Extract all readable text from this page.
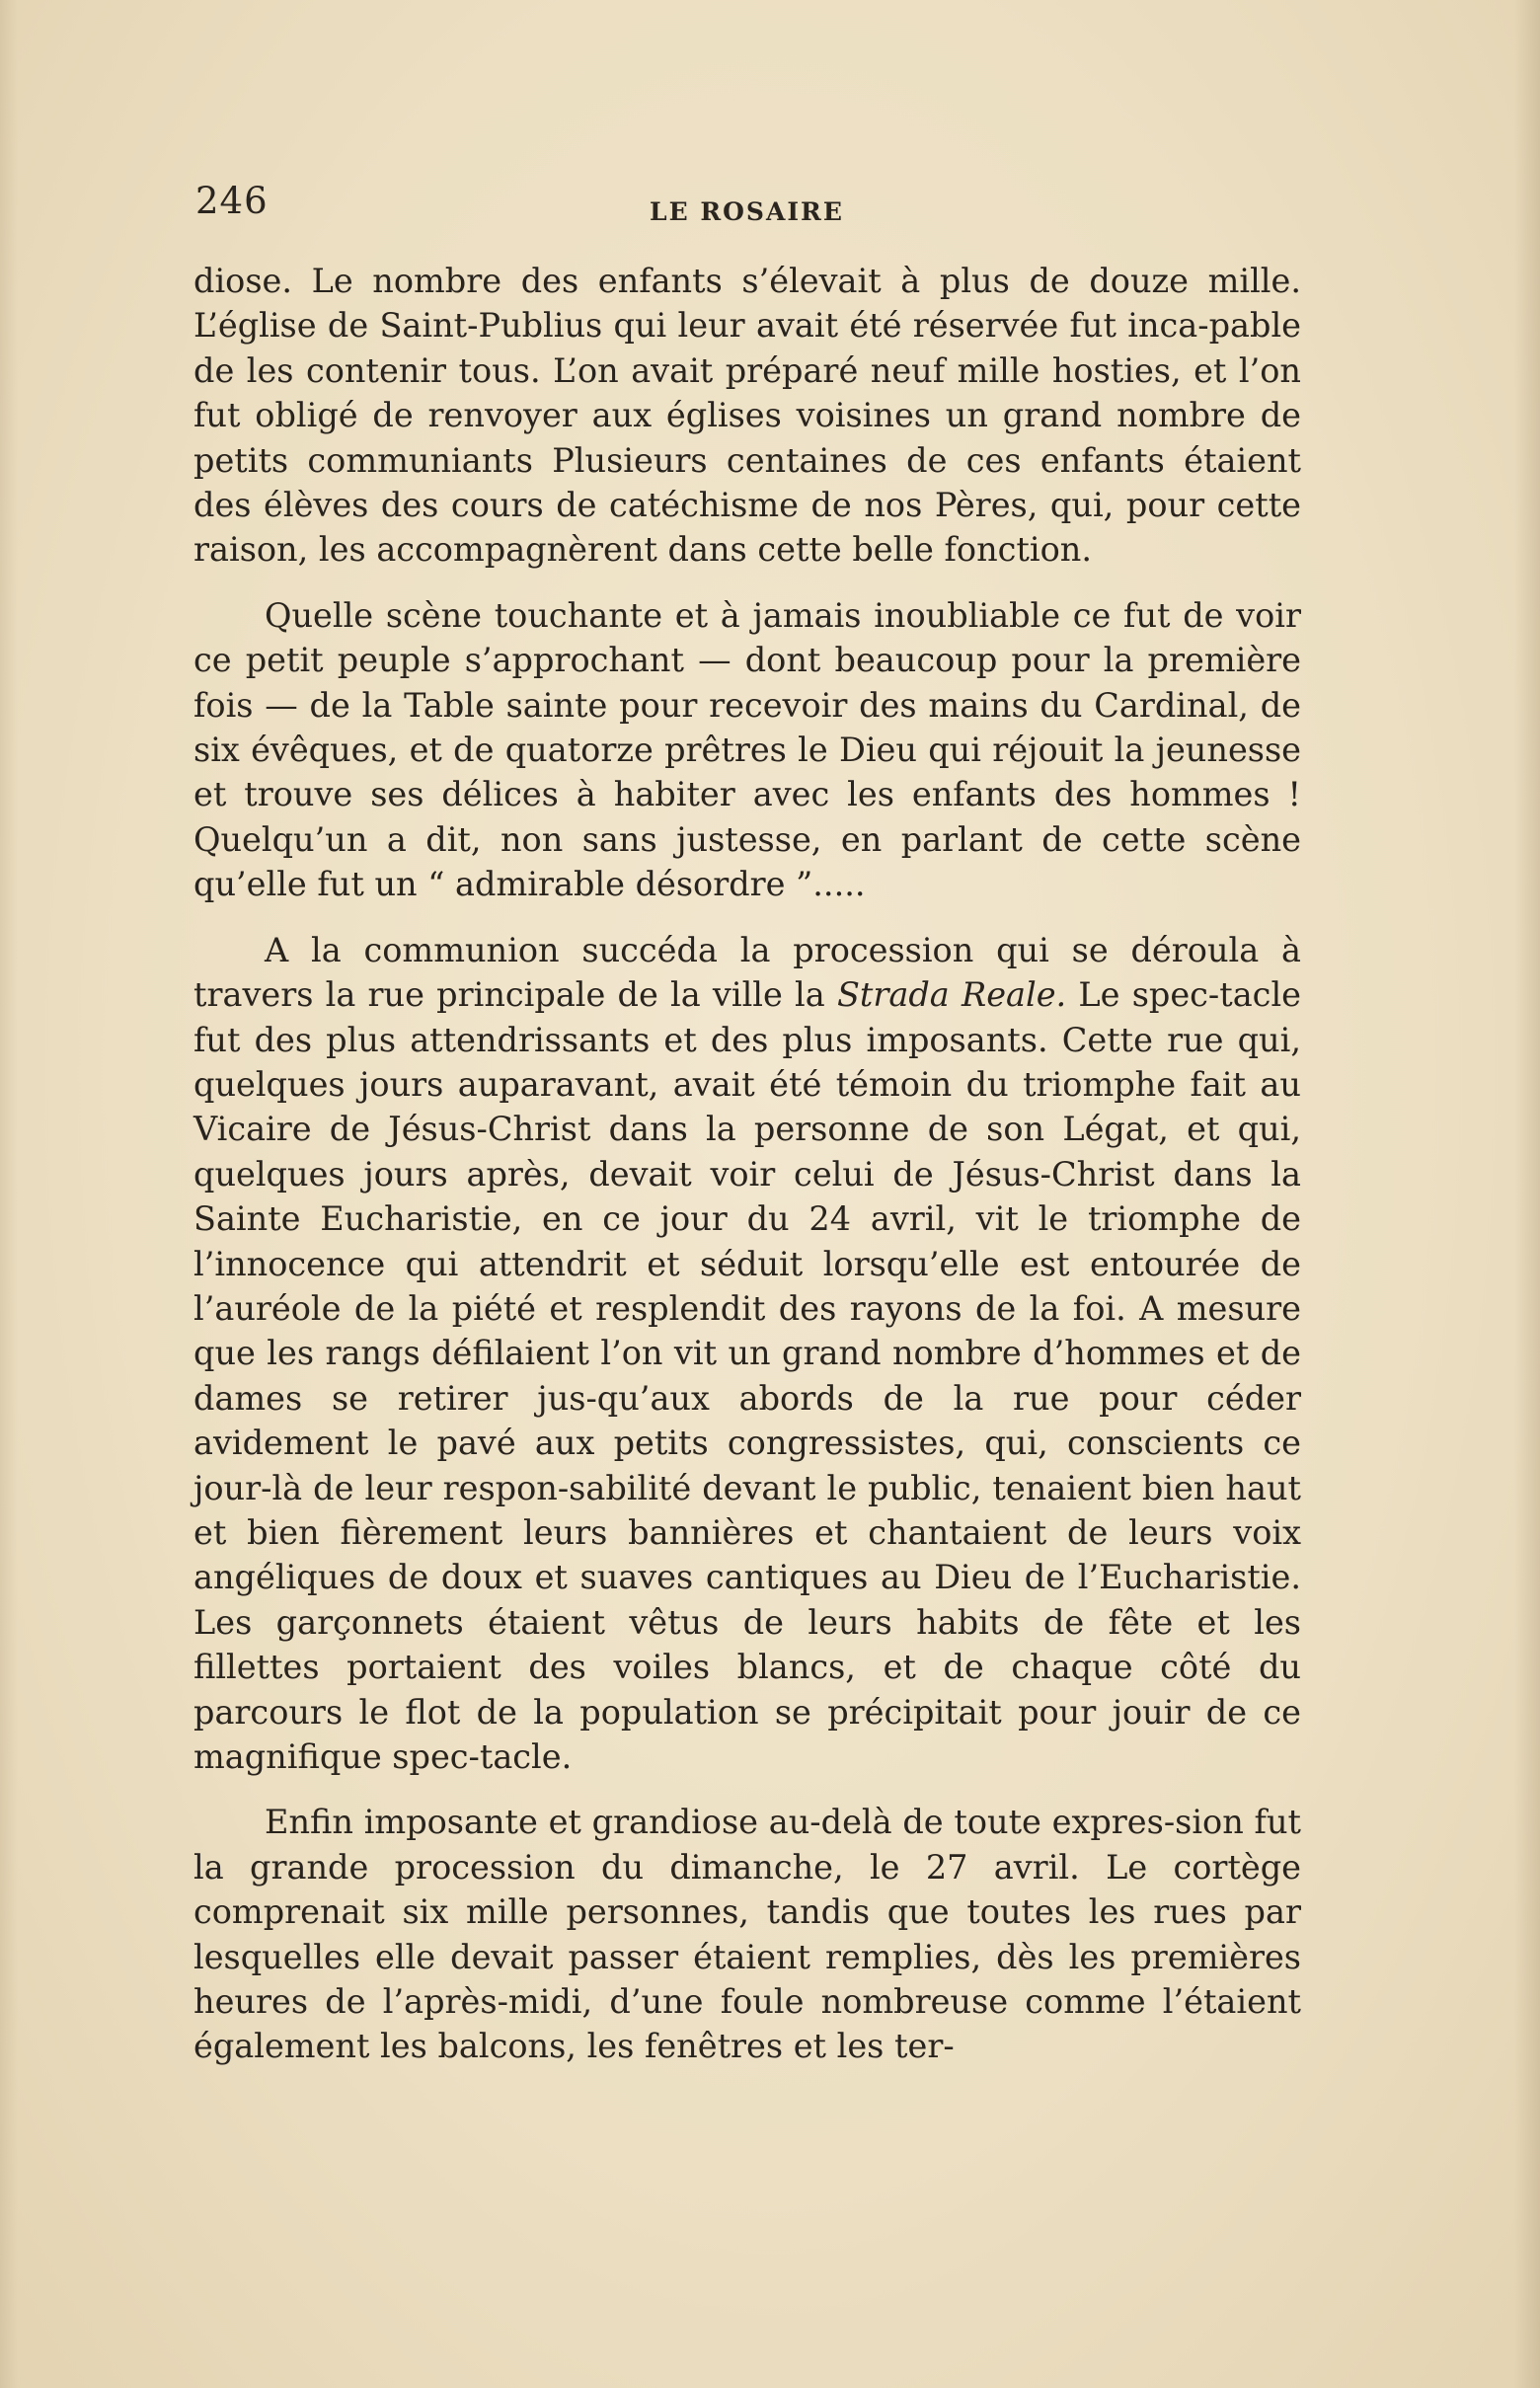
246	LE ROSAIRE

diose. Le nombre des enfants s’élevait à plus de douze mille. L’église de Saint-Publius qui leur avait été réservée fut inca-pable de les contenir tous. L’on avait préparé neuf mille hosties, et l’on fut obligé de renvoyer aux églises voisines un grand nombre de petits communiants Plusieurs centaines de ces enfants étaient des élèves des cours de catéchisme de nos Pères, qui, pour cette raison, les accompagnèrent dans cette belle fonction.

Quelle scène touchante et à jamais inoubliable ce fut de voir ce petit peuple s’approchant — dont beaucoup pour la première fois — de la Table sainte pour recevoir des mains du Cardinal, de six évêques, et de quatorze prêtres le Dieu qui réjouit la jeunesse et trouve ses délices à habiter avec les enfants des hommes ! Quelqu’un a dit, non sans justesse, en parlant de cette scène qu’elle fut un “ admirable désordre ”.....

A la communion succéda la procession qui se déroula à travers la rue principale de la ville la Strada Reale. Le spec-tacle fut des plus attendrissants et des plus imposants. Cette rue qui, quelques jours auparavant, avait été témoin du triomphe fait au Vicaire de Jésus-Christ dans la personne de son Légat, et qui, quelques jours après, devait voir celui de Jésus-Christ dans la Sainte Eucharistie, en ce jour du 24 avril, vit le triomphe de l’innocence qui attendrit et séduit lorsqu’elle est entourée de l’auréole de la piété et resplendit des rayons de la foi. A mesure que les rangs défilaient l’on vit un grand nombre d’hommes et de dames se retirer jus-qu’aux abords de la rue pour céder avidement le pavé aux petits congressistes, qui, conscients ce jour-là de leur respon-sabilité devant le public, tenaient bien haut et bien fièrement leurs bannières et chantaient de leurs voix angéliques de doux et suaves cantiques au Dieu de l’Eucharistie. Les garçonnets étaient vêtus de leurs habits de fête et les fillettes portaient des voiles blancs, et de chaque côté du parcours le flot de la population se précipitait pour jouir de ce magnifique spec-tacle.

Enfin imposante et grandiose au-delà de toute expres-sion fut la grande procession du dimanche, le 27 avril. Le cortège comprenait six mille personnes, tandis que toutes les rues par lesquelles elle devait passer étaient remplies, dès les premières heures de l’après-midi, d’une foule nombreuse comme l’étaient également les balcons, les fenêtres et les ter-
